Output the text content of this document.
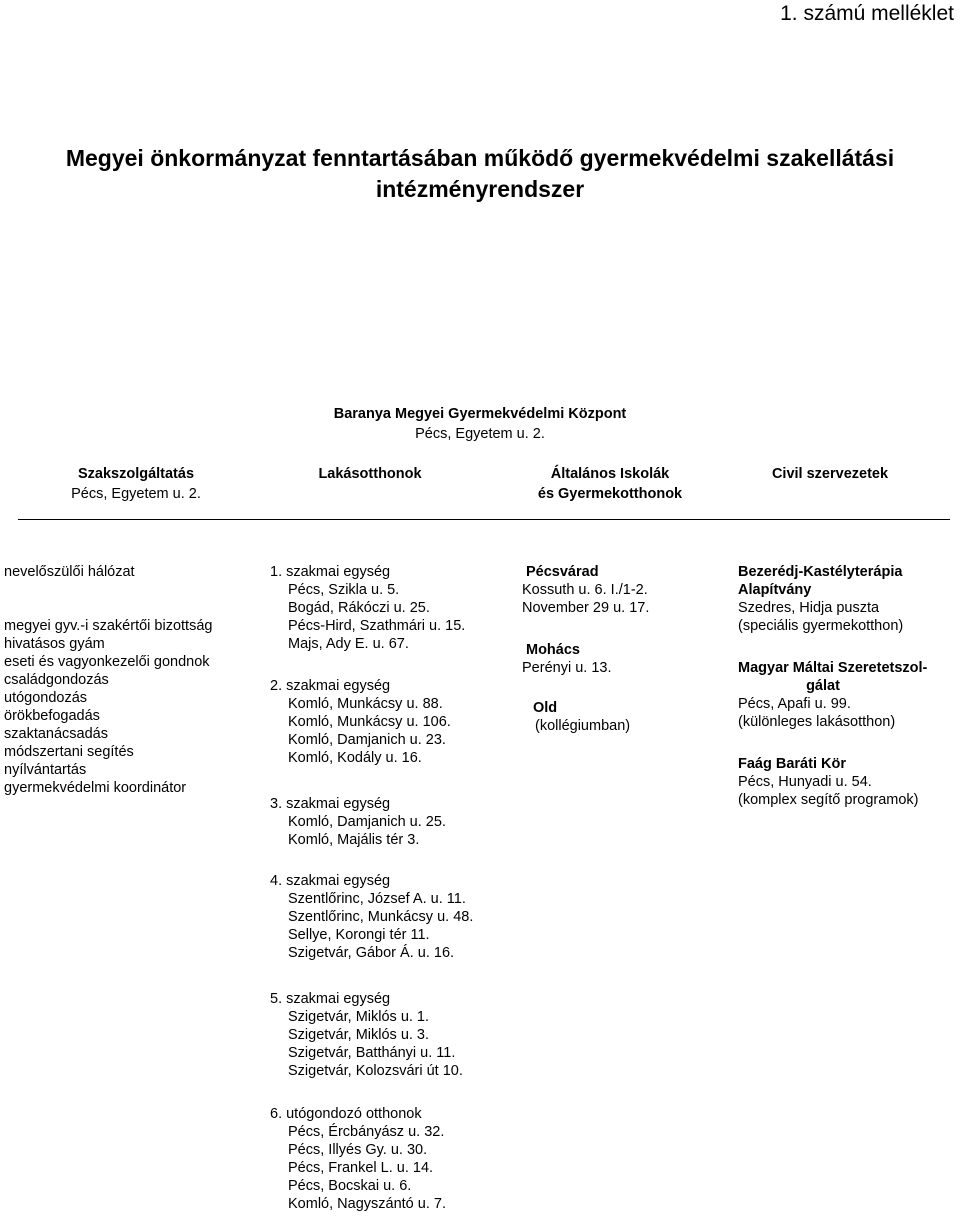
1. számú melléklet
Megyei önkormányzat fenntartásában működő gyermekvédelmi szakellátási
intézményrendszer
Baranya Megyei Gyermekvédelmi Központ
Pécs, Egyetem u. 2.
Szakszolgáltatás
Pécs, Egyetem u. 2.
Lakásotthonok	Általános Iskolák
és Gyermekotthonok
Civil szervezetek
nevelőszülői hálózat
megyei gyv.-i szakértői bizottság
hivatásos gyám
eseti és vagyonkezelői gondnok
családgondozás
utógondozás
örökbefogadás
szaktanácsadás
módszertani segítés
nyílvántartás
gyermekvédelmi koordinátor
1. szakmai egység
Pécs, Szikla u. 5.
Bogád, Rákóczi u. 25.
Pécs-Hird, Szathmári u. 15.
Majs, Ady E. u. 67.
2. szakmai egység
Komló, Munkácsy u. 88.
Komló, Munkácsy u. 106.
Komló, Damjanich u. 23.
Komló, Kodály u. 16.
3. szakmai egység
Komló, Damjanich u. 25.
Komló, Majális tér 3.
4. szakmai egység
Szentlőrinc, József A. u. 11.
Szentlőrinc, Munkácsy u. 48.
Sellye, Korongi tér 11.
Szigetvár, Gábor Á. u. 16.
5. szakmai egység
Szigetvár, Miklós u. 1.
Szigetvár, Miklós u. 3.
Szigetvár, Batthányi u. 11.
Szigetvár, Kolozsvári út 10.
6. utógondozó otthonok
Pécs, Ércbányász u. 32.
Pécs, Illyés Gy. u. 30.
Pécs, Frankel L. u. 14.
Pécs, Bocskai u. 6.
Komló, Nagyszántó u. 7.
Pécsvárad
Kossuth u. 6. I./1-2.
November 29 u. 17.
Mohács
Perényi u. 13.
Old
(kollégiumban)
Bezerédj-Kastélyterápia
Alapítvány
Szedres, Hidja puszta
(speciális gyermekotthon)
Magyar Máltai Szeretetszol-
gálat
Pécs, Apafi u. 99.
(különleges lakásotthon)
Faág Baráti Kör
Pécs, Hunyadi u. 54.
(komplex segítő programok)
